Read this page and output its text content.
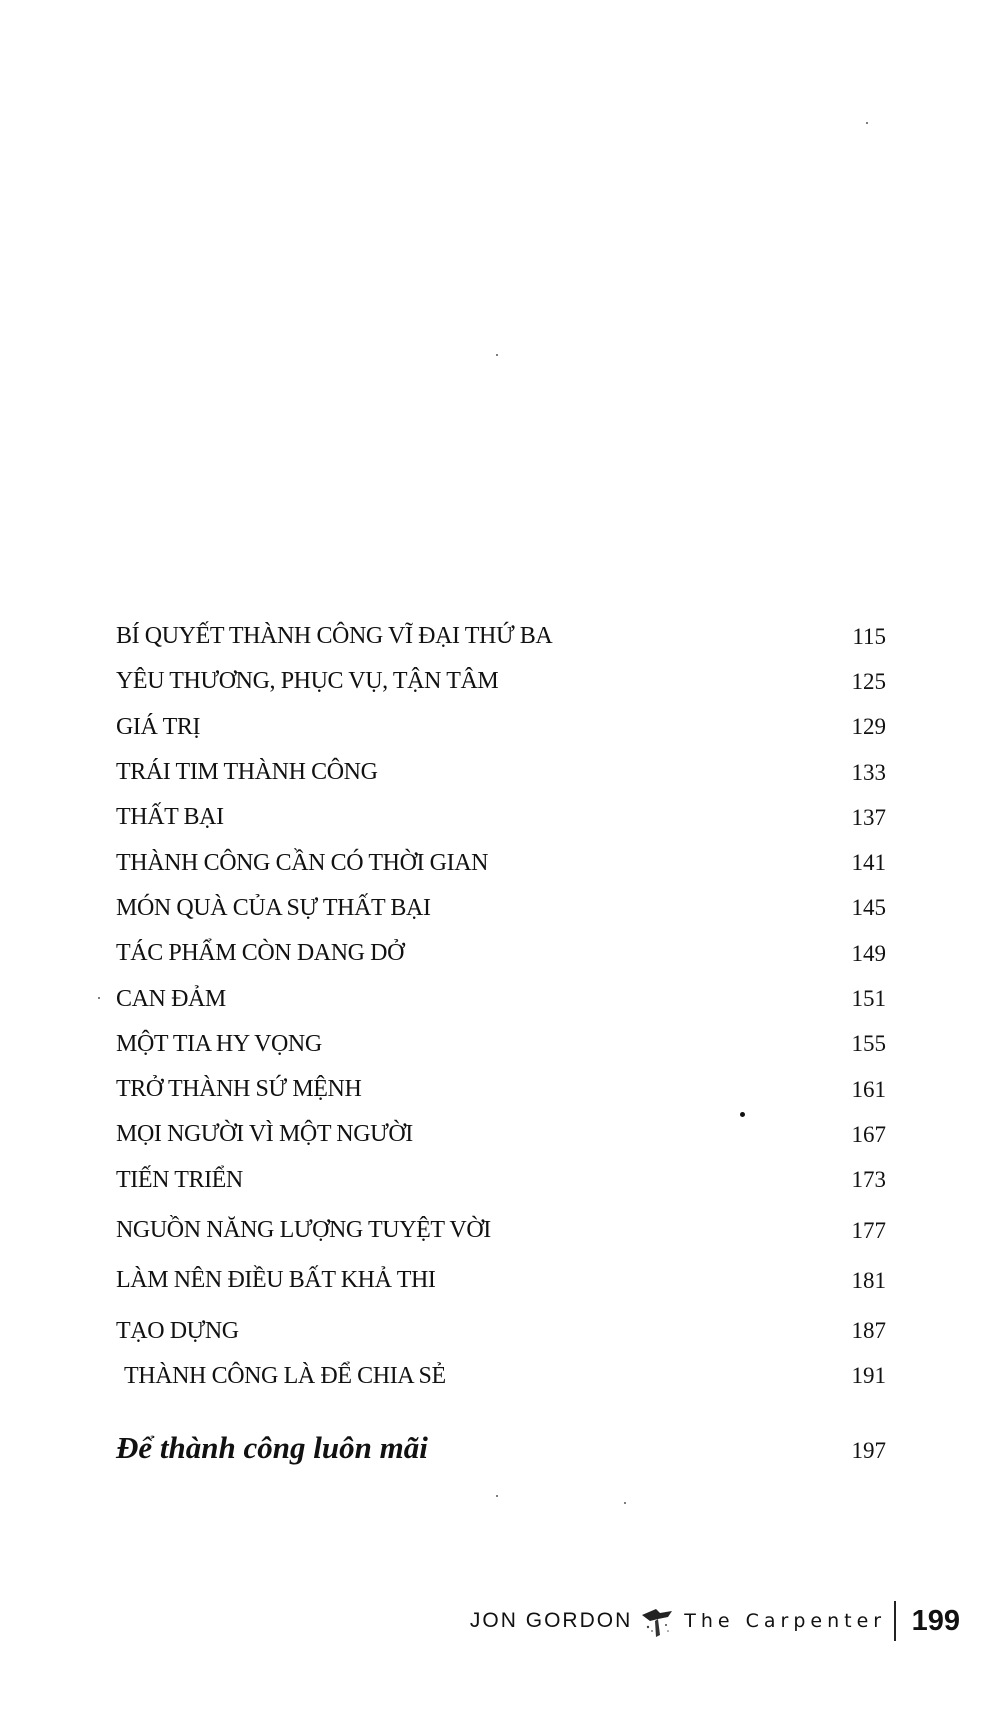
BÍ QUYẾT THÀNH CÔNG VĨ ĐẠI THỨ BA	115
YÊU THƯƠNG, PHỤC VỤ, TẬN TÂM	125
GIÁ TRỊ	129
TRÁI TIM THÀNH CÔNG	133
THẤT BẠI	137
THÀNH CÔNG CẦN CÓ THỜI GIAN	141
MÓN QUÀ CỦA SỰ THẤT BẠI	145
TÁC PHẨM CÒN DANG DỞ	149
CAN ĐẢM	151
MỘT TIA HY VỌNG	155
TRỞ THÀNH SỨ MỆNH	161
MỌI NGƯỜI VÌ MỘT NGƯỜI	167
TIẾN TRIỂN	173
NGUỒN NĂNG LƯỢNG TUYỆT VỜI	177
LÀM NÊN ĐIỀU BẤT KHẢ THI	181
TẠO DỰNG	187
THÀNH CÔNG LÀ ĐỂ CHIA SẺ	191
Để thành công luôn mãi	197
JON GORDON	The Carpenter 199
